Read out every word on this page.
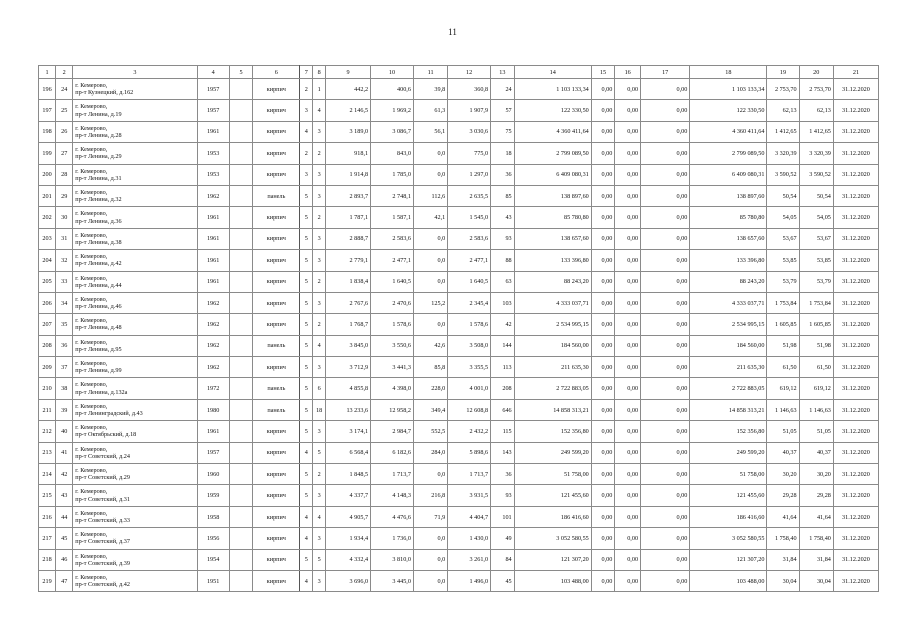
11
1	2	3	4	5	6	7	8	9	10	11	12	13	14	15	16	17	18	19	20	21
196	24	г. Кемерово,
пр-т Кузнецкий, д.162	1957		кирпич	2	1	442,2	400,6	39,8	360,8	24	1 103 133,34	0,00	0,00	0,00	1 103 133,34	2 753,70	2 753,70	31.12.2020
197	25	г. Кемерово,
пр-т Ленина, д.19	1957		кирпич	3	4	2 146,5	1 969,2	61,3	1 907,9	57	122 330,50	0,00	0,00	0,00	122 330,50	62,13	62,13	31.12.2020
198	26	г. Кемерово,
пр-т Ленина, д.28	1961		кирпич	4	3	3 189,0	3 086,7	56,1	3 030,6	75	4 360 411,64	0,00	0,00	0,00	4 360 411,64	1 412,65	1 412,65	31.12.2020
199	27	г. Кемерово,
пр-т Ленина, д.29	1953		кирпич	2	2	918,1	843,0	0,0	775,0	18	2 799 089,50	0,00	0,00	0,00	2 799 089,50	3 320,39	3 320,39	31.12.2020
200	28	г. Кемерово,
пр-т Ленина, д.31	1953		кирпич	3	3	1 914,8	1 785,0	0,0	1 297,0	36	6 409 080,31	0,00	0,00	0,00	6 409 080,31	3 590,52	3 590,52	31.12.2020
201	29	г. Кемерово,
пр-т Ленина, д.32	1962		панель	5	3	2 893,7	2 748,1	112,6	2 635,5	85	138 897,60	0,00	0,00	0,00	138 897,60	50,54	50,54	31.12.2020
202	30	г. Кемерово,
пр-т Ленина, д.36	1961		кирпич	5	2	1 787,1	1 587,1	42,1	1 545,0	43	85 780,80	0,00	0,00	0,00	85 780,80	54,05	54,05	31.12.2020
203	31	г. Кемерово,
пр-т Ленина, д.38	1961		кирпич	5	3	2 888,7	2 583,6	0,0	2 583,6	93	138 657,60	0,00	0,00	0,00	138 657,60	53,67	53,67	31.12.2020
204	32	г. Кемерово,
пр-т Ленина, д.42	1961		кирпич	5	3	2 779,1	2 477,1	0,0	2 477,1	88	133 396,80	0,00	0,00	0,00	133 396,80	53,85	53,85	31.12.2020
205	33	г. Кемерово,
пр-т Ленина, д.44	1961		кирпич	5	2	1 838,4	1 640,5	0,0	1 640,5	63	88 243,20	0,00	0,00	0,00	88 243,20	53,79	53,79	31.12.2020
206	34	г. Кемерово,
пр-т Ленина, д.46	1962		кирпич	5	3	2 767,6	2 470,6	125,2	2 345,4	103	4 333 037,71	0,00	0,00	0,00	4 333 037,71	1 753,84	1 753,84	31.12.2020
207	35	г. Кемерово,
пр-т Ленина, д.48	1962		кирпич	5	2	1 768,7	1 578,6	0,0	1 578,6	42	2 534 995,15	0,00	0,00	0,00	2 534 995,15	1 605,85	1 605,85	31.12.2020
208	36	г. Кемерово,
пр-т Ленина, д.95	1962		панель	5	4	3 845,0	3 550,6	42,6	3 508,0	144	184 560,00	0,00	0,00	0,00	184 560,00	51,98	51,98	31.12.2020
209	37	г. Кемерово,
пр-т Ленина, д.99	1962		кирпич	5	3	3 712,9	3 441,3	85,8	3 355,5	113	211 635,30	0,00	0,00	0,00	211 635,30	61,50	61,50	31.12.2020
210	38	г. Кемерово,
пр-т Ленина, д.132а	1972		панель	5	6	4 855,8	4 398,0	228,0	4 001,0	208	2 722 883,05	0,00	0,00	0,00	2 722 883,05	619,12	619,12	31.12.2020
211	39	г. Кемерово,
пр-т Ленинградский, д.43	1980		панель	5	18	13 233,6	12 958,2	349,4	12 608,8	646	14 858 313,21	0,00	0,00	0,00	14 858 313,21	1 146,63	1 146,63	31.12.2020
212	40	г. Кемерово,
пр-т Октябрьский, д.18	1961		кирпич	5	3	3 174,1	2 984,7	552,5	2 432,2	115	152 356,80	0,00	0,00	0,00	152 356,80	51,05	51,05	31.12.2020
213	41	г. Кемерово,
пр-т Советский, д.24	1957		кирпич	4	5	6 568,4	6 182,6	284,0	5 898,6	143	249 599,20	0,00	0,00	0,00	249 599,20	40,37	40,37	31.12.2020
214	42	г. Кемерово,
пр-т Советский, д.29	1960		кирпич	5	2	1 848,5	1 713,7	0,0	1 713,7	36	51 758,00	0,00	0,00	0,00	51 758,00	30,20	30,20	31.12.2020
215	43	г. Кемерово,
пр-т Советский, д.31	1959		кирпич	5	3	4 337,7	4 148,3	216,8	3 931,5	93	121 455,60	0,00	0,00	0,00	121 455,60	29,28	29,28	31.12.2020
216	44	г. Кемерово,
пр-т Советский, д.33	1958		кирпич	4	4	4 905,7	4 476,6	71,9	4 404,7	101	186 416,60	0,00	0,00	0,00	186 416,60	41,64	41,64	31.12.2020
217	45	г. Кемерово,
пр-т Советский, д.37	1956		кирпич	4	3	1 934,4	1 736,0	0,0	1 430,0	49	3 052 580,55	0,00	0,00	0,00	3 052 580,55	1 758,40	1 758,40	31.12.2020
218	46	г. Кемерово,
пр-т Советский, д.39	1954		кирпич	5	5	4 332,4	3 810,0	0,0	3 261,0	84	121 307,20	0,00	0,00	0,00	121 307,20	31,84	31,84	31.12.2020
219	47	г. Кемерово,
пр-т Советский, д.42	1951		кирпич	4	3	3 696,0	3 445,0	0,0	1 496,0	45	103 488,00	0,00	0,00	0,00	103 488,00	30,04	30,04	31.12.2020
